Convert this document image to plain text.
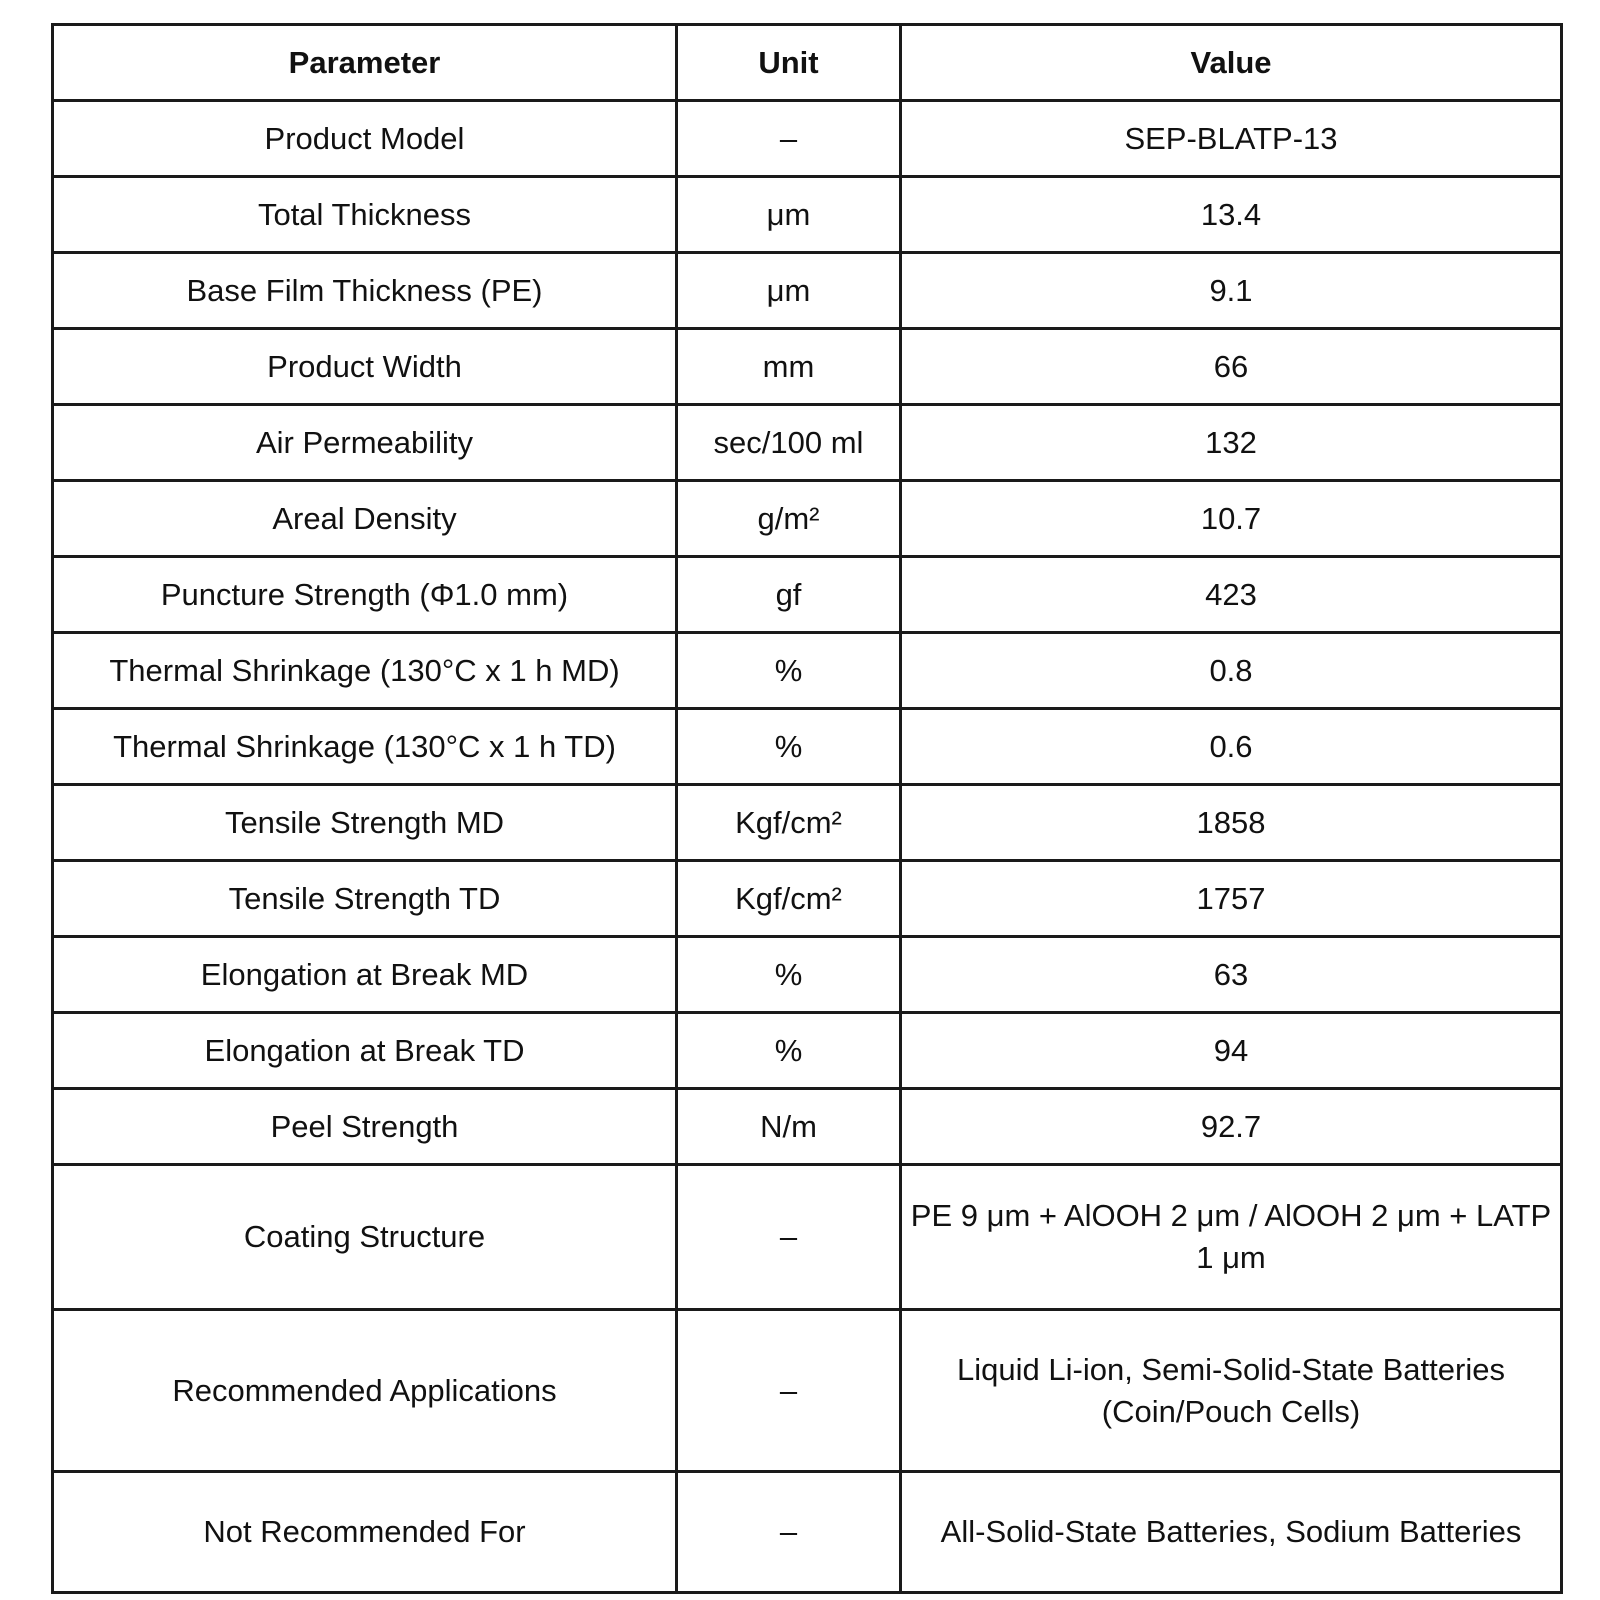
Parameter	Unit	Value
Product Model	–	SEP-BLATP-13
Total Thickness	μm	13.4
Base Film Thickness (PE)	μm	9.1
Product Width	mm	66
Air Permeability	sec/100 ml	132
Areal Density	g/m²	10.7
Puncture Strength (Φ1.0 mm)	gf	423
Thermal Shrinkage (130°C x 1 h MD)	%	0.8
Thermal Shrinkage (130°C x 1 h TD)	%	0.6
Tensile Strength MD	Kgf/cm²	1858
Tensile Strength TD	Kgf/cm²	1757
Elongation at Break MD	%	63
Elongation at Break TD	%	94
Peel Strength	N/m	92.7
Coating Structure	–	PE 9 μm + AlOOH 2 μm / AlOOH 2 μm + LATP 1 μm
Recommended Applications	–	Liquid Li-ion, Semi-Solid-State Batteries (Coin/Pouch Cells)
Not Recommended For	–	All-Solid-State Batteries, Sodium Batteries
